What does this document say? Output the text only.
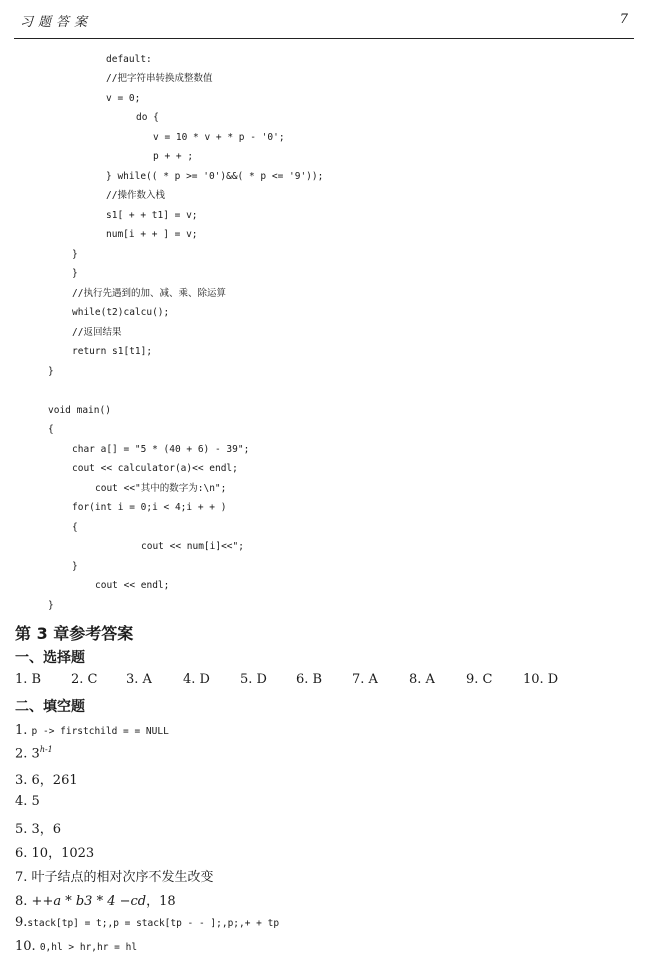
习题答案	7
default:
//把字符串转换成整数值
v = 0;
do {
v = 10 * v + * p - '0';
p + + ;
} while(( * p >= '0')&&( * p <= '9'));
//操作数入栈
s1[ + + t1] = v;
num[i + + ] = v;
}
}
//执行先遇到的加、减、乘、除运算
while(t2)calcu();
//返回结果
return s1[t1];
}
void main()
{
char a[] = "5 * (40 + 6) - 39";
cout << calculator(a)<< endl;
cout <<"其中的数字为:\n";
for(int i = 0;i < 4;i + + )
{
cout << num[i]<<";
}
cout << endl;
}
第 3 章参考答案
一、选择题
1. B 2. C 3. A 4. D 5. D 6. B 7. A 8. A 9. C 10. D
二、填空题
1. p -> firstchild = = NULL
2. 3$^{h-1}$
3. 6，261
4. 5
5. 3，6
6. 10，1023
7. 叶子结点的相对次序不发生改变
8. ++a * b3 * 4 −cd，18
9.stack[tp] = t;,p = stack[tp - - ];,p;,+ + tp
10. 0,hl > hr,hr = hl
